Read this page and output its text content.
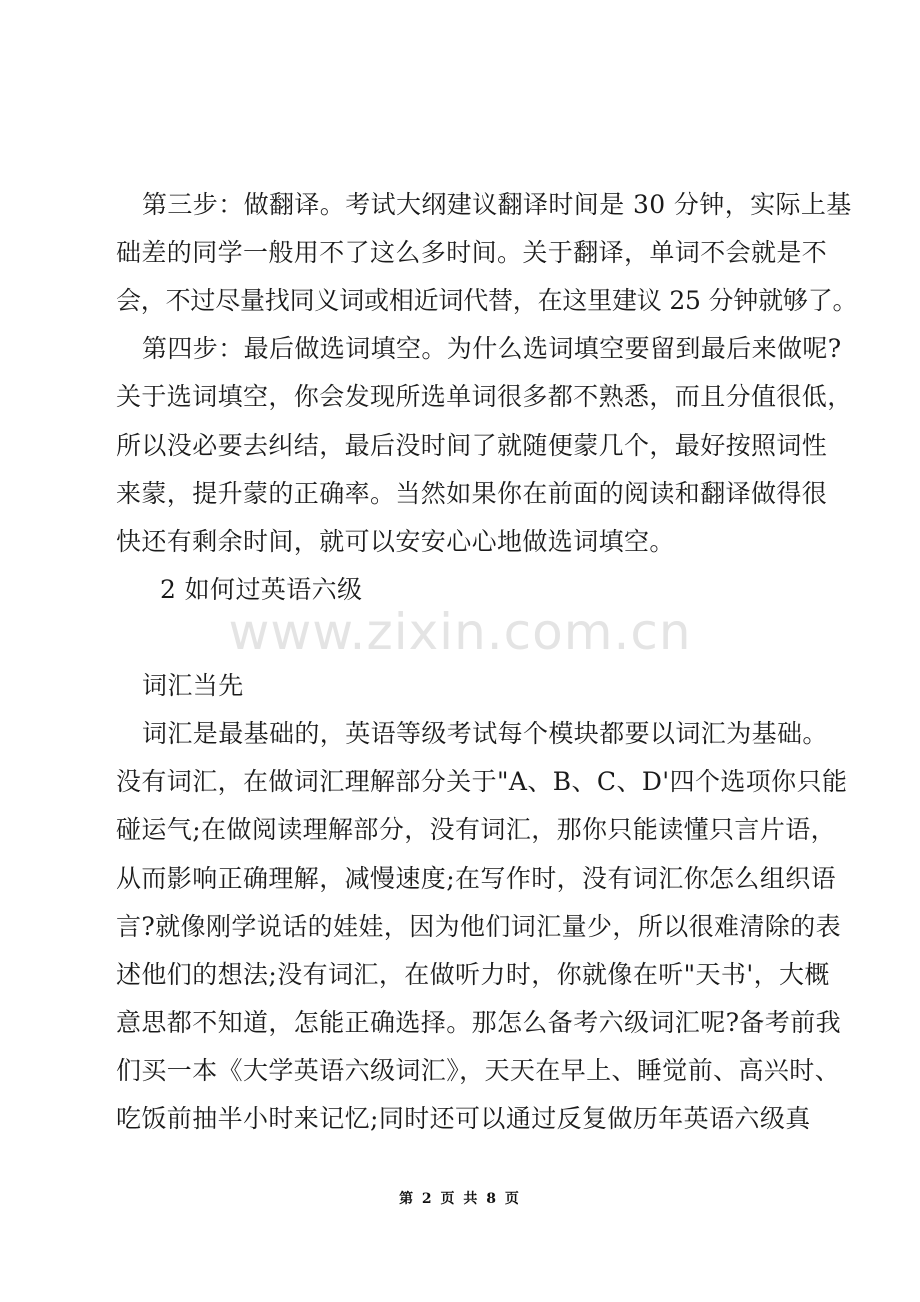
第三步：做翻译。考试大纲建议翻译时间是 30 分钟，实际上基
础差的同学一般用不了这么多时间。关于翻译，单词不会就是不
会，不过尽量找同义词或相近词代替，在这里建议 25 分钟就够了。
第四步：最后做选词填空。为什么选词填空要留到最后来做呢?
关于选词填空，你会发现所选单词很多都不熟悉，而且分值很低，
所以没必要去纠结，最后没时间了就随便蒙几个，最好按照词性
来蒙，提升蒙的正确率。当然如果你在前面的阅读和翻译做得很
快还有剩余时间，就可以安安心心地做选词填空。
2 如何过英语六级
www.zixin.com.cn
词汇当先
词汇是最基础的，英语等级考试每个模块都要以词汇为基础。
没有词汇，在做词汇理解部分关于"A、B、C、D'四个选项你只能
碰运气;在做阅读理解部分，没有词汇，那你只能读懂只言片语，
从而影响正确理解，减慢速度;在写作时，没有词汇你怎么组织语
言?就像刚学说话的娃娃，因为他们词汇量少，所以很难清除的表
述他们的想法;没有词汇，在做听力时，你就像在听"天书'，大概
意思都不知道，怎能正确选择。那怎么备考六级词汇呢?备考前我
们买一本《大学英语六级词汇》，天天在早上、睡觉前、高兴时、
吃饭前抽半小时来记忆;同时还可以通过反复做历年英语六级真
第 2 页 共 8 页
